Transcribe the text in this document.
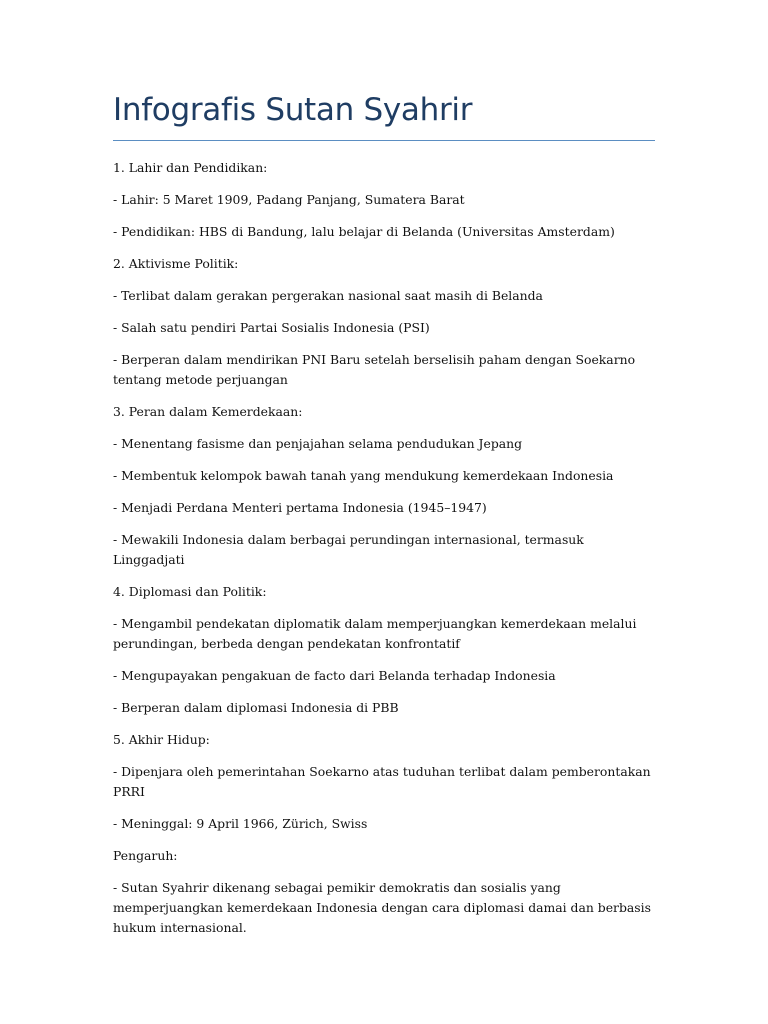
Infografis Sutan Syahrir

1. Lahir dan Pendidikan:

- Lahir: 5 Maret 1909, Padang Panjang, Sumatera Barat

- Pendidikan: HBS di Bandung, lalu belajar di Belanda (Universitas Amsterdam)

2. Aktivisme Politik:

- Terlibat dalam gerakan pergerakan nasional saat masih di Belanda

- Salah satu pendiri Partai Sosialis Indonesia (PSI)

- Berperan dalam mendirikan PNI Baru setelah berselisih paham dengan Soekarno tentang metode perjuangan

3. Peran dalam Kemerdekaan:

- Menentang fasisme dan penjajahan selama pendudukan Jepang

- Membentuk kelompok bawah tanah yang mendukung kemerdekaan Indonesia

- Menjadi Perdana Menteri pertama Indonesia (1945–1947)

- Mewakili Indonesia dalam berbagai perundingan internasional, termasuk Linggadjati

4. Diplomasi dan Politik:

- Mengambil pendekatan diplomatik dalam memperjuangkan kemerdekaan melalui perundingan, berbeda dengan pendekatan konfrontatif

- Mengupayakan pengakuan de facto dari Belanda terhadap Indonesia

- Berperan dalam diplomasi Indonesia di PBB

5. Akhir Hidup:

- Dipenjara oleh pemerintahan Soekarno atas tuduhan terlibat dalam pemberontakan PRRI

- Meninggal: 9 April 1966, Zürich, Swiss

Pengaruh:

- Sutan Syahrir dikenang sebagai pemikir demokratis dan sosialis yang memperjuangkan kemerdekaan Indonesia dengan cara diplomasi damai dan berbasis hukum internasional.
